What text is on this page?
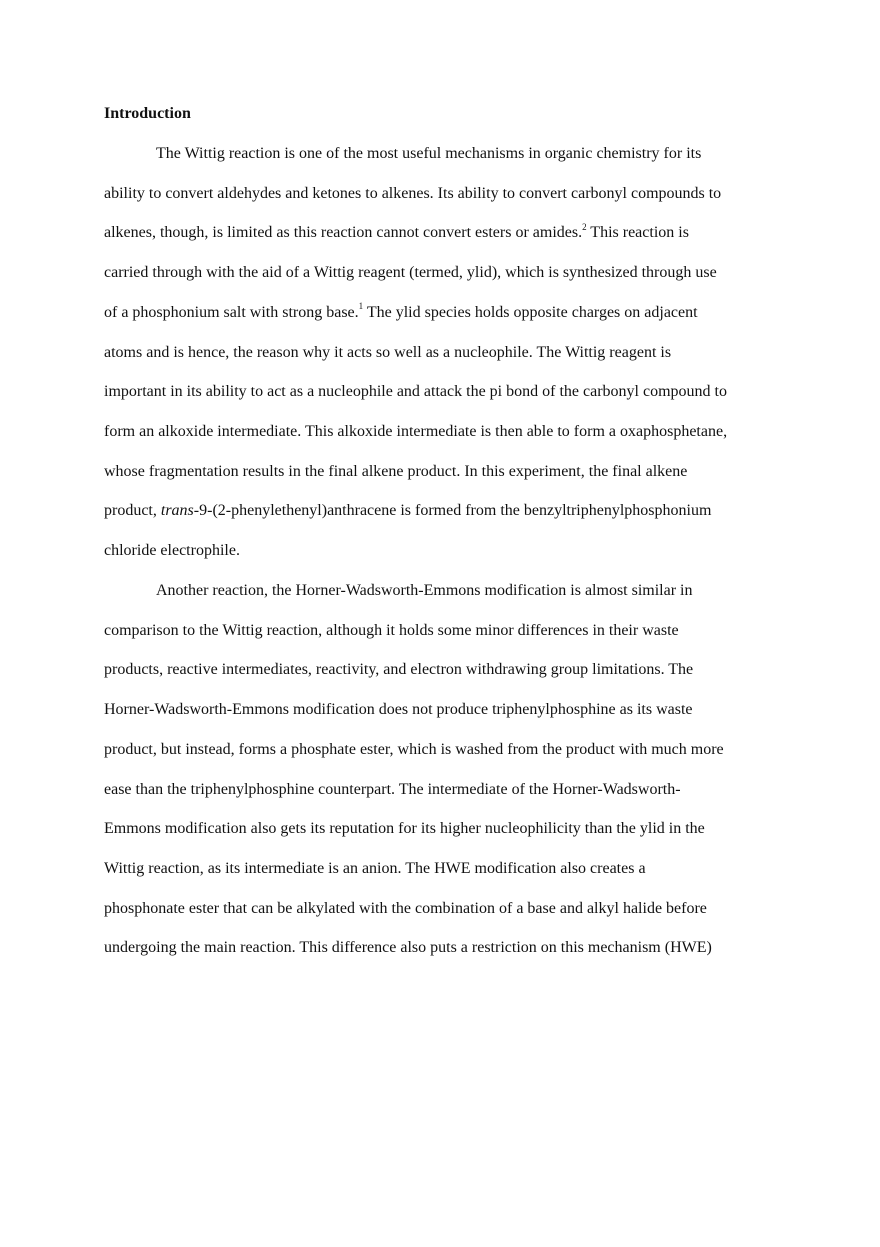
Introduction
The Wittig reaction is one of the most useful mechanisms in organic chemistry for its
ability to convert aldehydes and ketones to alkenes. Its ability to convert carbonyl compounds to
alkenes, though, is limited as this reaction cannot convert esters or amides.$^2$ This reaction is
carried through with the aid of a Wittig reagent (termed, ylid), which is synthesized through use
of a phosphonium salt with strong base.$^1$ The ylid species holds opposite charges on adjacent
atoms and is hence, the reason why it acts so well as a nucleophile. The Wittig reagent is
important in its ability to act as a nucleophile and attack the pi bond of the carbonyl compound to
form an alkoxide intermediate. This alkoxide intermediate is then able to form a oxaphosphetane,
whose fragmentation results in the final alkene product. In this experiment, the final alkene
product, trans-9-(2-phenylethenyl)anthracene is formed from the benzyltriphenylphosphonium
chloride electrophile.
Another reaction, the Horner-Wadsworth-Emmons modification is almost similar in
comparison to the Wittig reaction, although it holds some minor differences in their waste
products, reactive intermediates, reactivity, and electron withdrawing group limitations. The
Horner-Wadsworth-Emmons modification does not produce triphenylphosphine as its waste
product, but instead, forms a phosphate ester, which is washed from the product with much more
ease than the triphenylphosphine counterpart. The intermediate of the Horner-Wadsworth-
Emmons modification also gets its reputation for its higher nucleophilicity than the ylid in the
Wittig reaction, as its intermediate is an anion. The HWE modification also creates a
phosphonate ester that can be alkylated with the combination of a base and alkyl halide before
undergoing the main reaction. This difference also puts a restriction on this mechanism (HWE)
